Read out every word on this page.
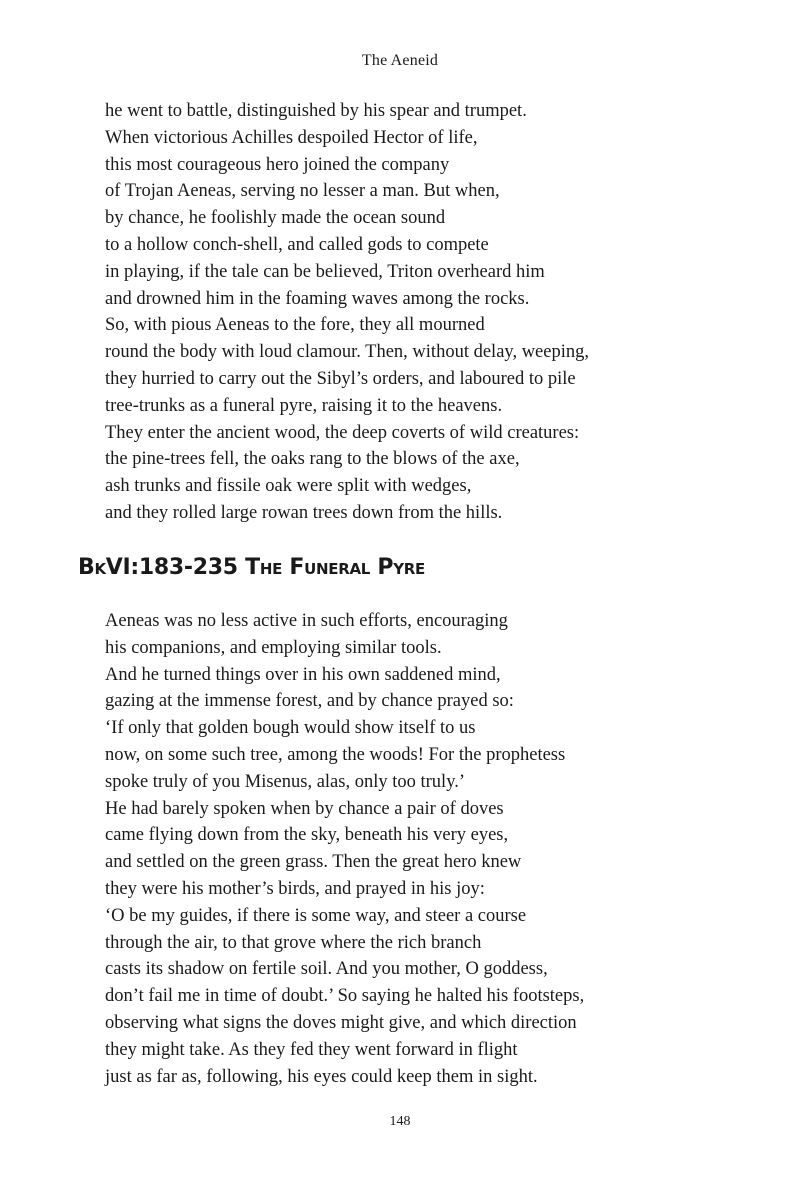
The Aeneid
he went to battle, distinguished by his spear and trumpet.
When victorious Achilles despoiled Hector of life,
this most courageous hero joined the company
of Trojan Aeneas, serving no lesser a man. But when,
by chance, he foolishly made the ocean sound
to a hollow conch-shell, and called gods to compete
in playing, if the tale can be believed, Triton overheard him
and drowned him in the foaming waves among the rocks.
So, with pious Aeneas to the fore, they all mourned
round the body with loud clamour. Then, without delay, weeping,
they hurried to carry out the Sibyl’s orders, and laboured to pile
tree-trunks as a funeral pyre, raising it to the heavens.
They enter the ancient wood, the deep coverts of wild creatures:
the pine-trees fell, the oaks rang to the blows of the axe,
ash trunks and fissile oak were split with wedges,
and they rolled large rowan trees down from the hills.
BkVI:183-235 The Funeral Pyre
Aeneas was no less active in such efforts, encouraging
his companions, and employing similar tools.
And he turned things over in his own saddened mind,
gazing at the immense forest, and by chance prayed so:
‘If only that golden bough would show itself to us
now, on some such tree, among the woods! For the prophetess
spoke truly of you Misenus, alas, only too truly.’
He had barely spoken when by chance a pair of doves
came flying down from the sky, beneath his very eyes,
and settled on the green grass. Then the great hero knew
they were his mother’s birds, and prayed in his joy:
‘O be my guides, if there is some way, and steer a course
through the air, to that grove where the rich branch
casts its shadow on fertile soil. And you mother, O goddess,
don’t fail me in time of doubt.’ So saying he halted his footsteps,
observing what signs the doves might give, and which direction
they might take. As they fed they went forward in flight
just as far as, following, his eyes could keep them in sight.
148
